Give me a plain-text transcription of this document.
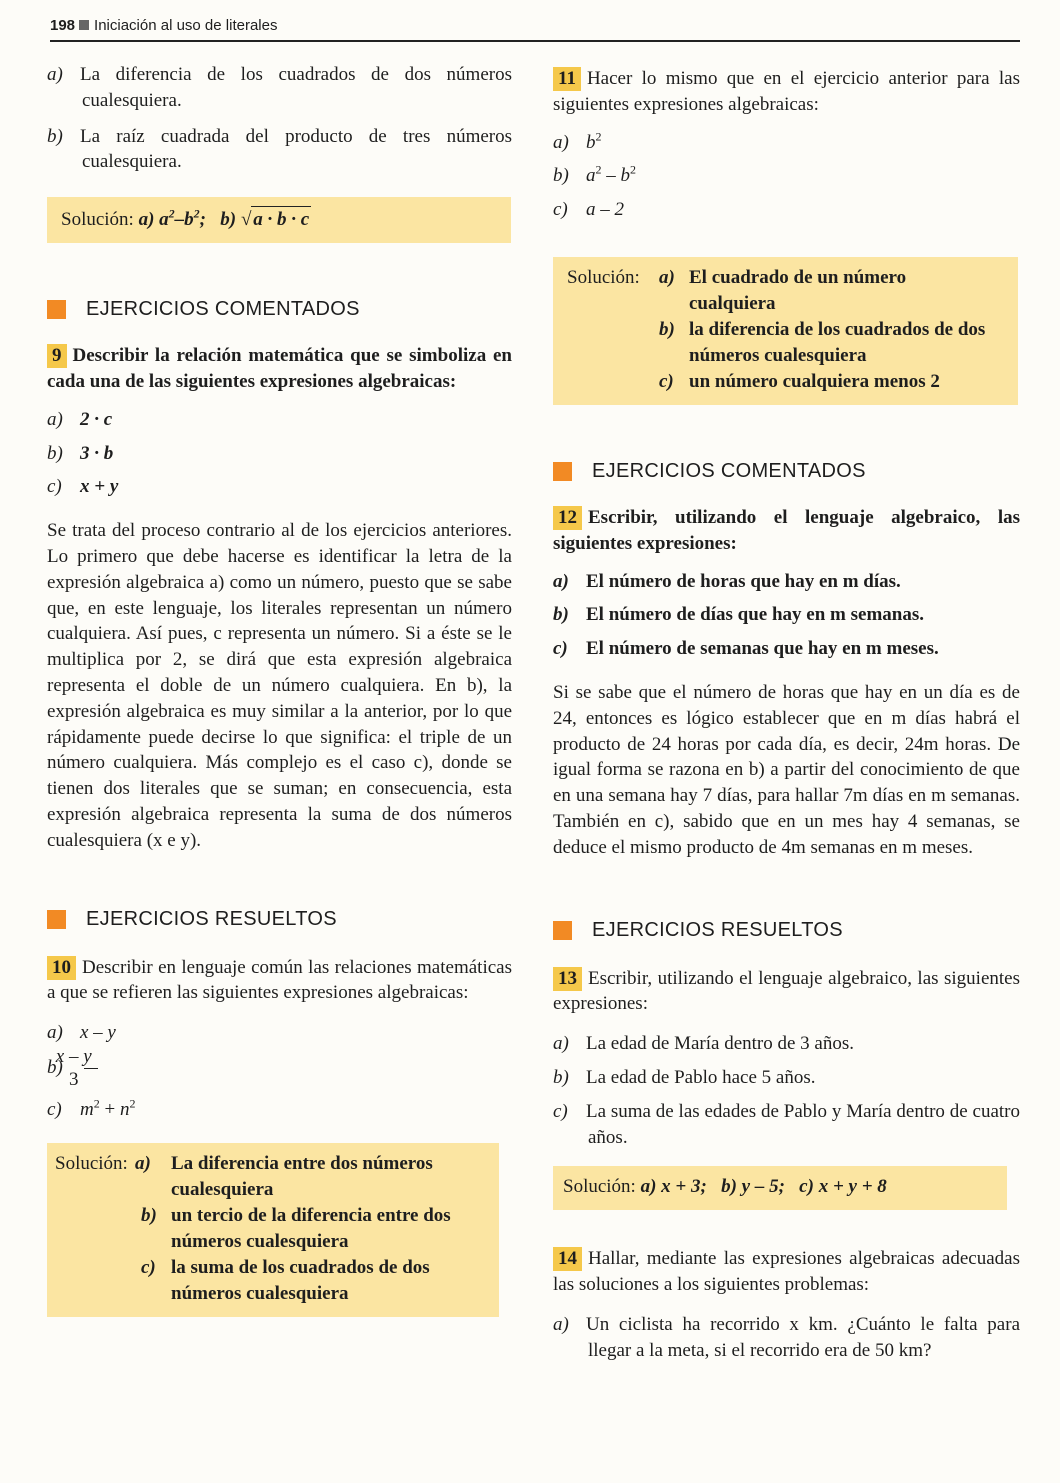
198 Iniciación al uso de literales

a) La diferencia de los cuadrados de dos números cualesquiera.

b) La raíz cuadrada del producto de tres números cualesquiera.

Solución: a) $a^2-b^2$; b) √ a · b · c
EJERCICIOS COMENTADOS

9 Describir la relación matemática que se simboliza en cada una de las siguientes expresiones algebraicas:

a) 2 · c

b) 3 · b

c) x + y

Se trata del proceso contrario al de los ejercicios anteriores. Lo primero que debe hacerse es identificar la letra de la expresión algebraica a) como un número, puesto que se sabe que, en este lenguaje, los literales representan un número cualquiera. Así pues, c representa un número. Si a éste se le multiplica por 2, se dirá que esta expresión algebraica representa el doble de un número cualquiera. En b), la expresión algebraica es muy similar a la anterior, por lo que rápidamente puede decirse lo que significa: el triple de un número cualquiera. Más complejo es el caso c), donde se tienen dos literales que se suman; en consecuencia, esta expresión algebraica representa la suma de dos números cualesquiera (x e y).

EJERCICIOS RESUELTOS

10 Describir en lenguaje común las relaciones matemáticas a que se refieren las siguientes expresiones algebraicas:

a) x – y

$b) \frac{x - y}{3}$

c) $m^2 + n^2$

Solución: a)	La diferencia entre dos números cualesquiera
b) un tercio de la diferencia entre dos números cualesquiera
c) la suma de los cuadrados de dos números cualesquiera

11 Hacer lo mismo que en el ejercicio anterior para las siguientes expresiones algebraicas:

a) $b^2$

b) $a^2 - b^2$

c) a – 2

Solución:	a) El cuadrado de un número cualquiera
b) la diferencia de los cuadrados de dos números cualesquiera
c) un número cualquiera menos 2
EJERCICIOS COMENTADOS

12 Escribir, utilizando el lenguaje algebraico, las siguientes expresiones:

a) El número de horas que hay en m días.

b) El número de días que hay en m semanas.

c) El número de semanas que hay en m meses.

Si se sabe que el número de horas que hay en un día es de 24, entonces es lógico establecer que en m días habrá el producto de 24 horas por cada día, es decir, 24m horas. De igual forma se razona en b) a partir del conocimiento de que en una semana hay 7 días, para hallar 7m días en m semanas. También en c), sabido que en un mes hay 4 semanas, se deduce el mismo producto de 4m semanas en m meses.

EJERCICIOS RESUELTOS

13 Escribir, utilizando el lenguaje algebraico, las siguientes expresiones:

a) La edad de María dentro de 3 años.

b) La edad de Pablo hace 5 años.

c) La suma de las edades de Pablo y María dentro de cuatro años.

Solución: a) x + 3; b) y – 5; c) x + y + 8

14 Hallar, mediante las expresiones algebraicas adecuadas las soluciones a los siguientes problemas:

a) Un ciclista ha recorrido x km. ¿Cuánto le falta para llegar a la meta, si el recorrido era de 50 km?
